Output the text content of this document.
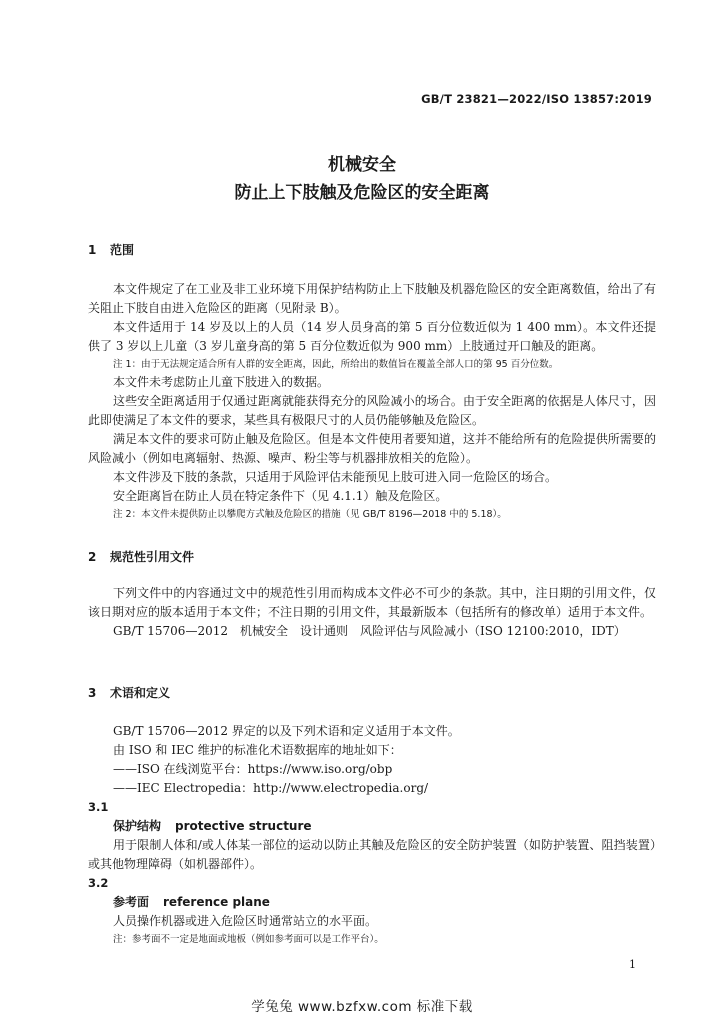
GB/T 23821—2022/ISO 13857:2019
机械安全
防止上下肢触及危险区的安全距离
1 范围

本文件规定了在工业及非工业环境下用保护结构防止上下肢触及机器危险区的安全距离数值，给出了有关阻止下肢自由进入危险区的距离（见附录 B）。

本文件适用于 14 岁及以上的人员（14 岁人员身高的第 5 百分位数近似为 1 400 mm）。本文件还提供了 3 岁以上儿童（3 岁儿童身高的第 5 百分位数近似为 900 mm）上肢通过开口触及的距离。

注 1：由于无法规定适合所有人群的安全距离，因此，所给出的数值旨在覆盖全部人口的第 95 百分位数。

本文件未考虑防止儿童下肢进入的数据。

这些安全距离适用于仅通过距离就能获得充分的风险减小的场合。由于安全距离的依据是人体尺寸，因此即使满足了本文件的要求，某些具有极限尺寸的人员仍能够触及危险区。

满足本文件的要求可防止触及危险区。但是本文件使用者要知道，这并不能给所有的危险提供所需要的风险减小（例如电离辐射、热源、噪声、粉尘等与机器排放相关的危险）。

本文件涉及下肢的条款，只适用于风险评估未能预见上肢可进入同一危险区的场合。

安全距离旨在防止人员在特定条件下（见 4.1.1）触及危险区。

注 2：本文件未提供防止以攀爬方式触及危险区的措施（见 GB/T 8196—2018 中的 5.18）。

2 规范性引用文件

下列文件中的内容通过文中的规范性引用而构成本文件必不可少的条款。其中，注日期的引用文件，仅该日期对应的版本适用于本文件；不注日期的引用文件，其最新版本（包括所有的修改单）适用于本文件。

GB/T 15706—2012　机械安全　设计通则　风险评估与风险减小（ISO 12100:2010，IDT）

3 术语和定义

GB/T 15706—2012 界定的以及下列术语和定义适用于本文件。

由 ISO 和 IEC 维护的标准化术语数据库的地址如下：

——ISO 在线浏览平台：https://www.iso.org/obp

——IEC Electropedia：http://www.electropedia.org/

3.1

保护结构 protective structure

用于限制人体和/或人体某一部位的运动以防止其触及危险区的安全防护装置（如防护装置、阻挡装置）或其他物理障碍（如机器部件）。

3.2

参考面 reference plane

人员操作机器或进入危险区时通常站立的水平面。

注：参考面不一定是地面或地板（例如参考面可以是工作平台）。

1
学兔兔 www.bzfxw.com 标准下载
